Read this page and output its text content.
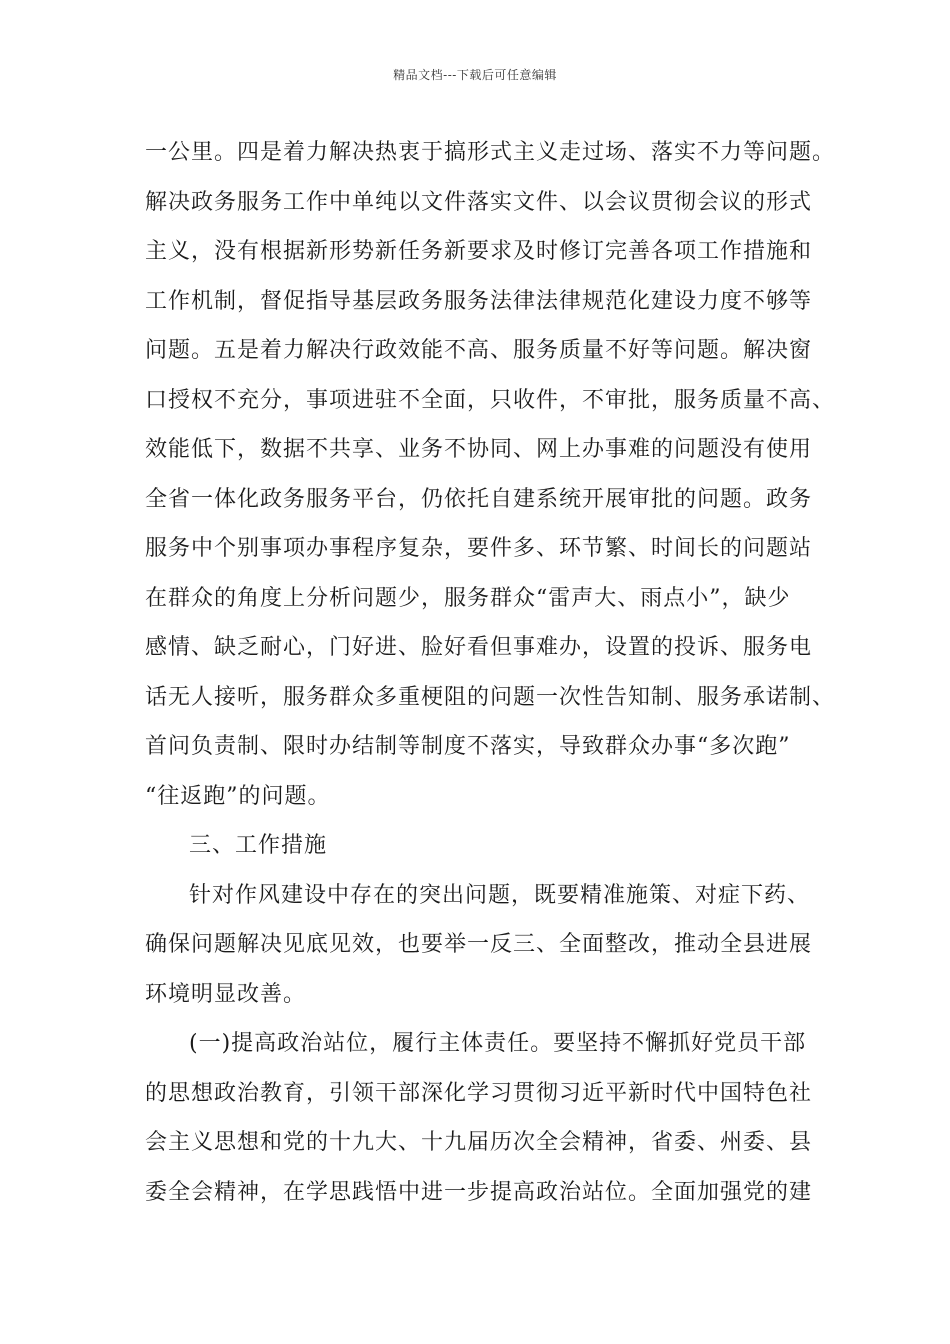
精品文档---下载后可任意编辑
一公里。四是着力解决热衷于搞形式主义走过场、落实不力等问题。
解决政务服务工作中单纯以文件落实文件、以会议贯彻会议的形式
主义，没有根据新形势新任务新要求及时修订完善各项工作措施和
工作机制，督促指导基层政务服务法律法律规范化建设力度不够等
问题。五是着力解决行政效能不高、服务质量不好等问题。解决窗
口授权不充分，事项进驻不全面，只收件，不审批，服务质量不高、
效能低下，数据不共享、业务不协同、网上办事难的问题没有使用
全省一体化政务服务平台，仍依托自建系统开展审批的问题。政务
服务中个别事项办事程序复杂，要件多、环节繁、时间长的问题站
在群众的角度上分析问题少，服务群众“雷声大、雨点小”，缺少
感情、缺乏耐心，门好进、脸好看但事难办，设置的投诉、服务电
话无人接听，服务群众多重梗阻的问题一次性告知制、服务承诺制、
首问负责制、限时办结制等制度不落实，导致群众办事“多次跑”
“往返跑”的问题。
三、工作措施
针对作风建设中存在的突出问题，既要精准施策、对症下药、
确保问题解决见底见效，也要举一反三、全面整改，推动全县进展
环境明显改善。
(一)提高政治站位，履行主体责任。要坚持不懈抓好党员干部
的思想政治教育，引领干部深化学习贯彻习近平新时代中国特色社
会主义思想和党的十九大、十九届历次全会精神，省委、州委、县
委全会精神，在学思践悟中进一步提高政治站位。全面加强党的建
